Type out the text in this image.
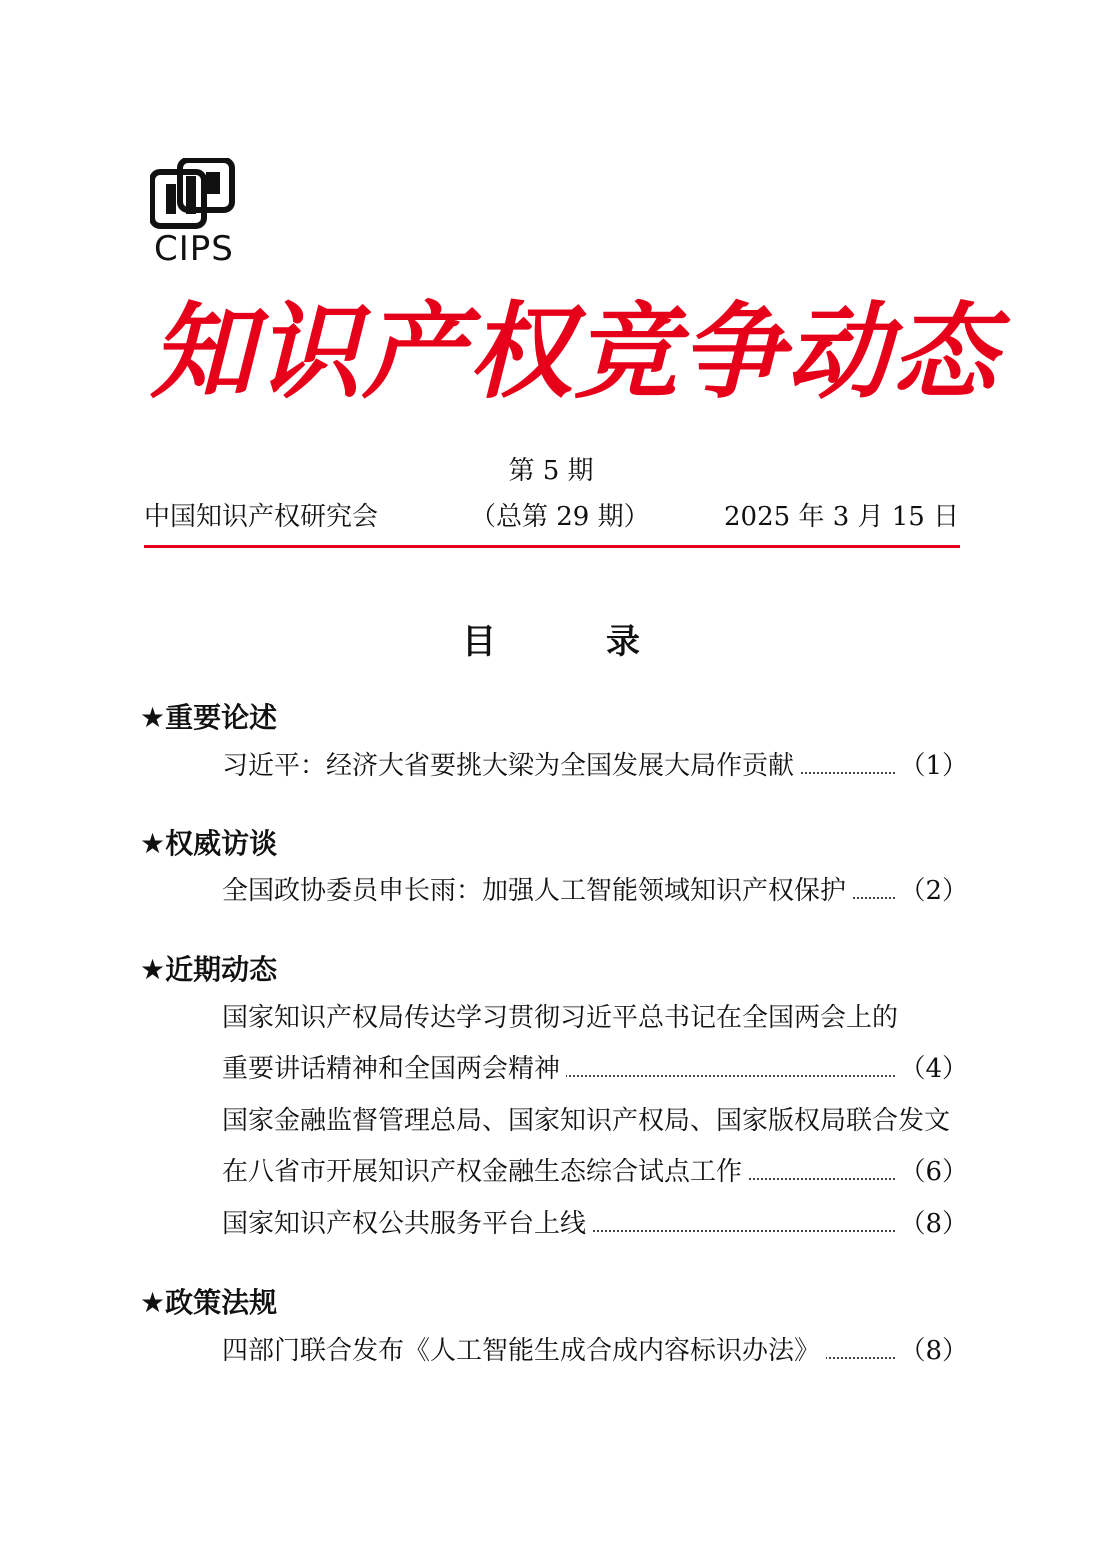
CIPS
知识产权竞争动态
第 5 期
中国知识产权研究会	（总第 29 期）	2025 年 3 月 15 日
目	录
★重要论述
习近平：经济大省要挑大梁为全国发展大局作贡献	（1）
★权威访谈
全国政协委员申长雨：加强人工智能领域知识产权保护 （2）
★近期动态
国家知识产权局传达学习贯彻习近平总书记在全国两会上的
重要讲话精神和全国两会精神	（4）
国家金融监督管理总局、国家知识产权局、国家版权局联合发文
在八省市开展知识产权金融生态综合试点工作	（6）
国家知识产权公共服务平台上线	（8）
★政策法规
四部门联合发布《人工智能生成合成内容标识办法》	（8）
